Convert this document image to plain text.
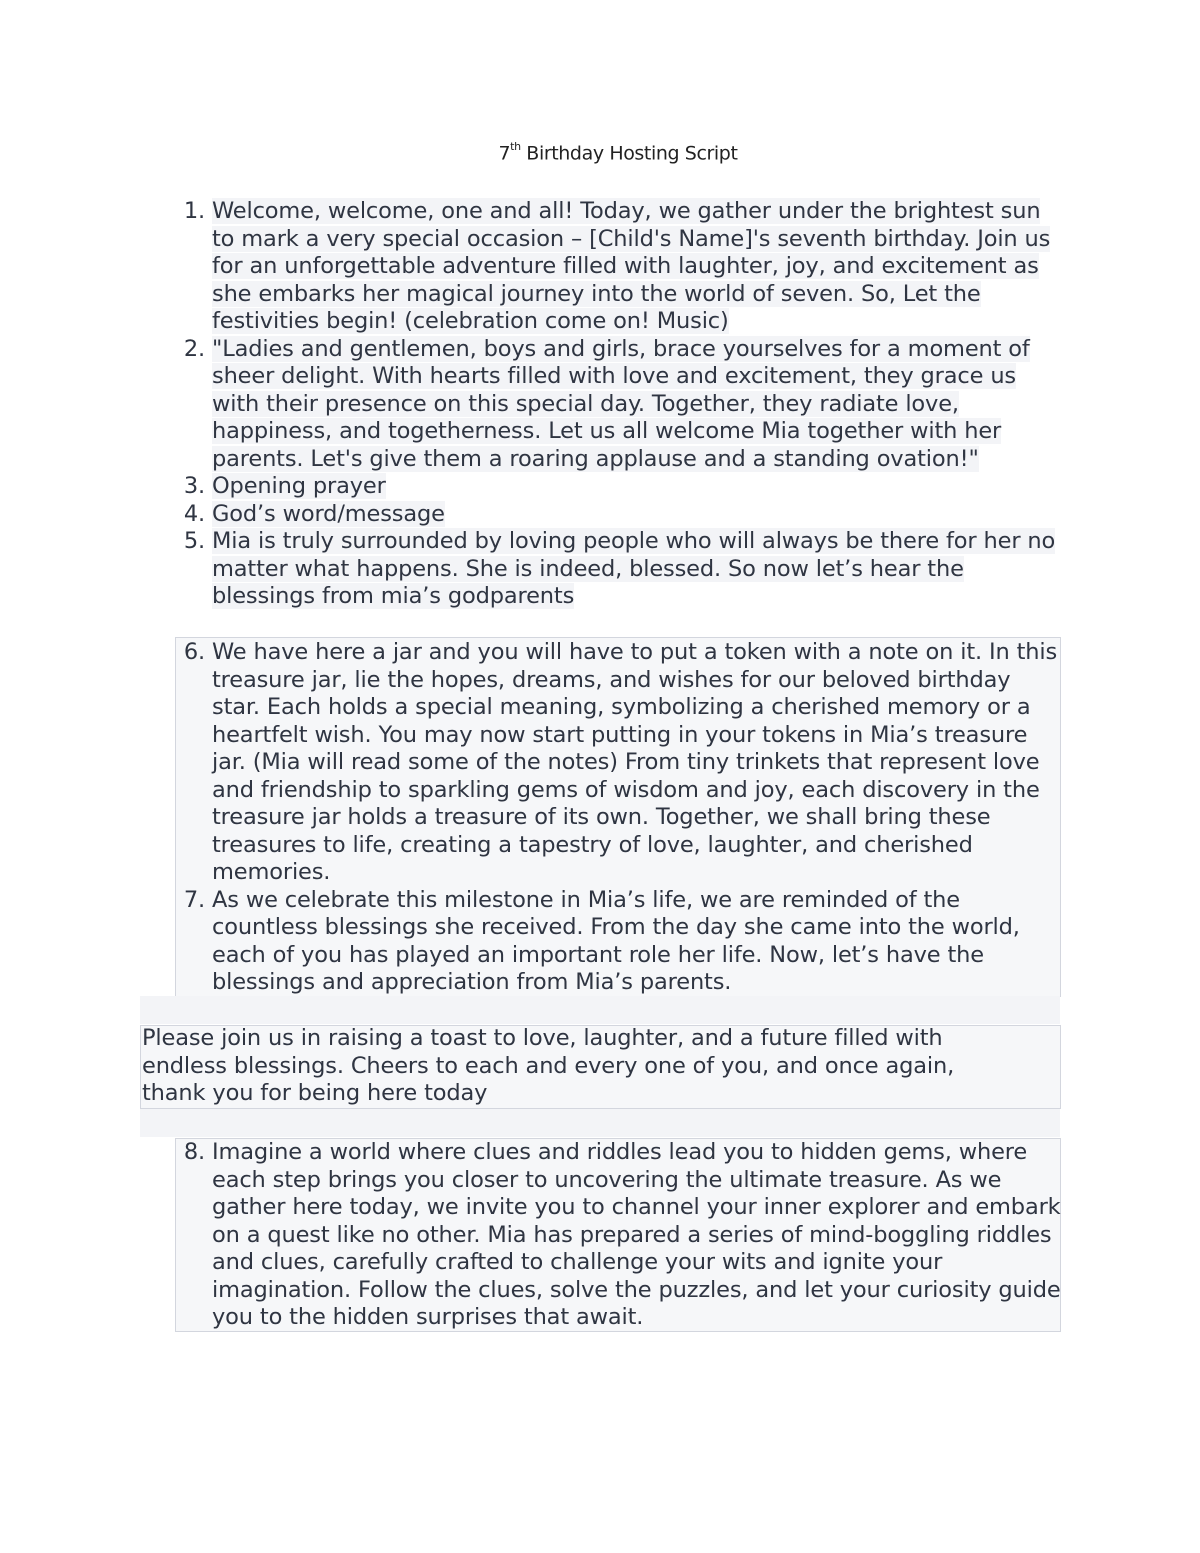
7th Birthday Hosting Script
1. Welcome, welcome, one and all! Today, we gather under the brightest sun to mark a very special occasion – [Child's Name]'s seventh birthday. Join us for an unforgettable adventure filled with laughter, joy, and excitement as she embarks her magical journey into the world of seven. So, Let the festivities begin! (celebration come on! Music)
2. "Ladies and gentlemen, boys and girls, brace yourselves for a moment of sheer delight. With hearts filled with love and excitement, they grace us with their presence on this special day. Together, they radiate love, happiness, and togetherness. Let us all welcome Mia together with her parents. Let's give them a roaring applause and a standing ovation!"
3. Opening prayer
4. God’s word/message
5. Mia is truly surrounded by loving people who will always be there for her no matter what happens. She is indeed, blessed. So now let’s hear the blessings from mia’s godparents
6. We have here a jar and you will have to put a token with a note on it. In this treasure jar, lie the hopes, dreams, and wishes for our beloved birthday star. Each holds a special meaning, symbolizing a cherished memory or a heartfelt wish. You may now start putting in your tokens in Mia’s treasure jar. (Mia will read some of the notes) From tiny trinkets that represent love and friendship to sparkling gems of wisdom and joy, each discovery in the treasure jar holds a treasure of its own. Together, we shall bring these treasures to life, creating a tapestry of love, laughter, and cherished memories.
7. As we celebrate this milestone in Mia’s life, we are reminded of the countless blessings she received. From the day she came into the world, each of you has played an important role her life. Now, let’s have the blessings and appreciation from Mia’s parents.
Please join us in raising a toast to love, laughter, and a future filled with endless blessings. Cheers to each and every one of you, and once again, thank you for being here today
8. Imagine a world where clues and riddles lead you to hidden gems, where each step brings you closer to uncovering the ultimate treasure. As we gather here today, we invite you to channel your inner explorer and embark on a quest like no other. Mia has prepared a series of mind-boggling riddles and clues, carefully crafted to challenge your wits and ignite your imagination. Follow the clues, solve the puzzles, and let your curiosity guide you to the hidden surprises that await.
